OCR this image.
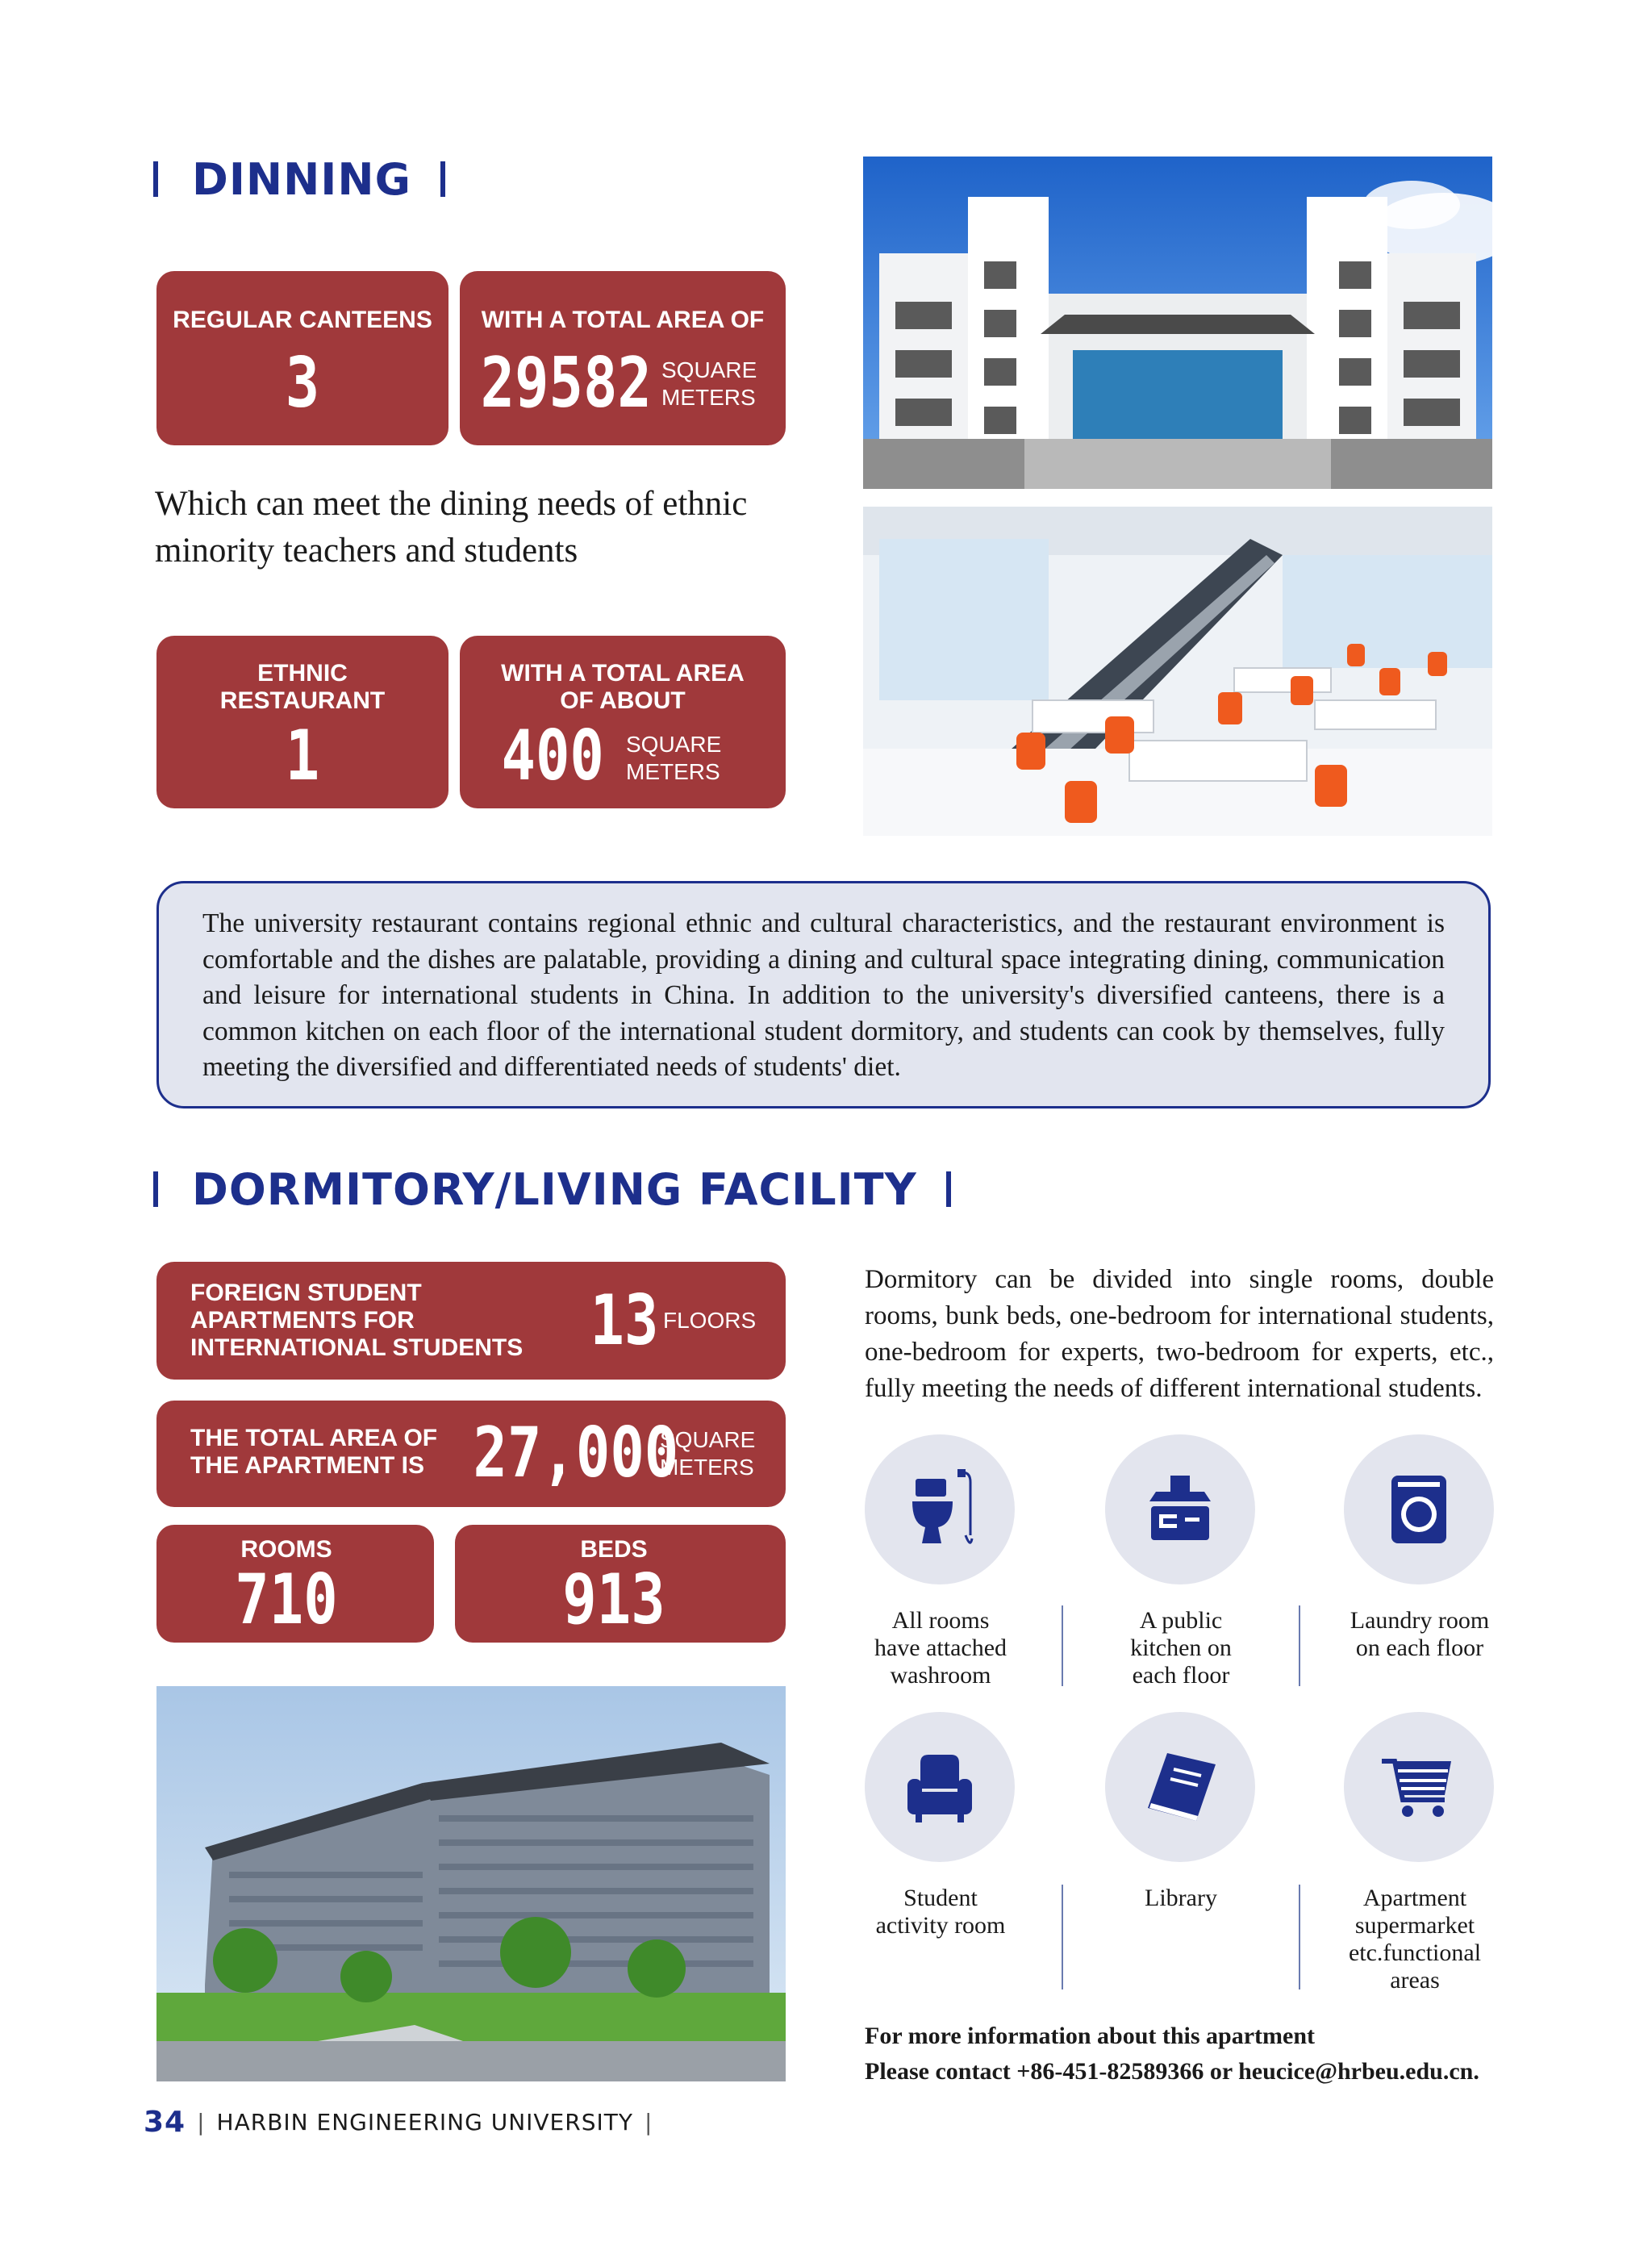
DINNING
REGULAR CANTEENS
3
WITH A TOTAL AREA OF
29582 SQUARE
METERS
Which can meet the dining needs of ethnic minority teachers and students
ETHNIC
RESTAURANT
1
WITH A TOTAL AREA
OF ABOUT
400 SQUARE
METERS
The university restaurant contains regional ethnic and cultural characteristics, and the restaurant environment is comfortable and the dishes are palatable, providing a dining and cultural space integrating dining, communication and leisure for international students in China. In addition to the university's diversified canteens, there is a common kitchen on each floor of the international student dormitory, and students can cook by themselves, fully meeting the diversified and differentiated needs of students' diet.
DORMITORY/LIVING FACILITY
FOREIGN STUDENT
APARTMENTS FOR
INTERNATIONAL STUDENTS 13 FLOORS
THE TOTAL AREA OF
THE APARTMENT IS 27,000
SQUARE
METERS
ROOMS
710
BEDS
913
Dormitory can be divided into single rooms, double rooms, bunk beds, one-bedroom for international students, one-bedroom for experts, two-bedroom for experts, etc., fully meeting the needs of different international students.
All rooms
have attached
washroom
A public
kitchen on
each floor
Laundry room
on each floor
Student
activity room
Library	Apartment
supermarket
etc.functional
areas
For more information about this apartment
Please contact +86-451-82589366 or heucice@hrbeu.edu.cn.
34 | HARBIN ENGINEERING UNIVERSITY |
